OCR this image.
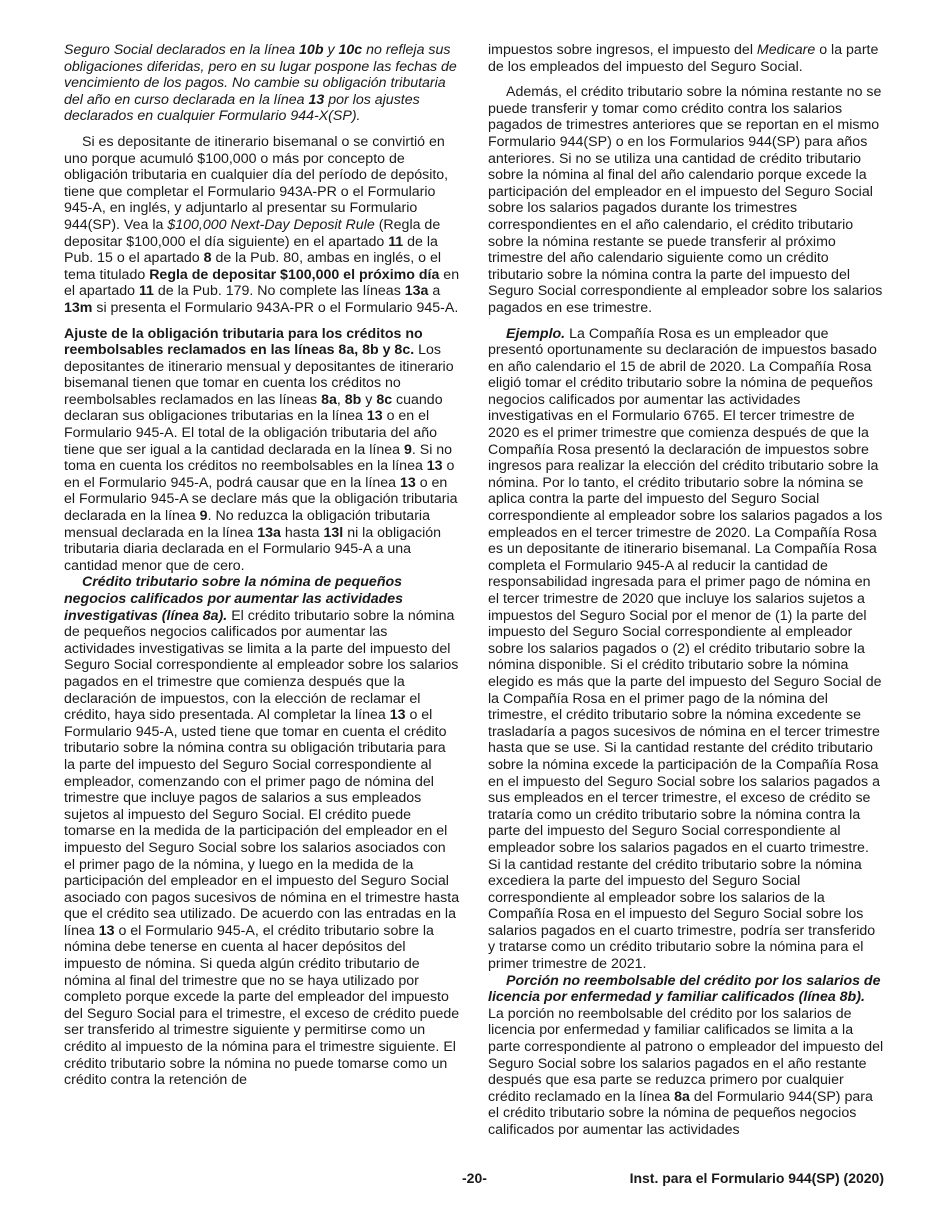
Seguro Social declarados en la línea 10b y 10c no refleja sus obligaciones diferidas, pero en su lugar pospone las fechas de vencimiento de los pagos. No cambie su obligación tributaria del año en curso declarada en la línea 13 por los ajustes declarados en cualquier Formulario 944-X(SP).

Si es depositante de itinerario bisemanal o se convirtió en uno porque acumuló $100,000 o más por concepto de obligación tributaria en cualquier día del período de depósito, tiene que completar el Formulario 943A-PR o el Formulario 945-A, en inglés, y adjuntarlo al presentar su Formulario 944(SP). Vea la $100,000 Next-Day Deposit Rule (Regla de depositar $100,000 el día siguiente) en el apartado 11 de la Pub. 15 o el apartado 8 de la Pub. 80, ambas en inglés, o el tema titulado Regla de depositar $100,000 el próximo día en el apartado 11 de la Pub. 179. No complete las líneas 13a a 13m si presenta el Formulario 943A-PR o el Formulario 945-A.

Ajuste de la obligación tributaria para los créditos no reembolsables reclamados en las líneas 8a, 8b y 8c. Los depositantes de itinerario mensual y depositantes de itinerario bisemanal tienen que tomar en cuenta los créditos no reembolsables reclamados en las líneas 8a, 8b y 8c cuando declaran sus obligaciones tributarias en la línea 13 o en el Formulario 945-A. El total de la obligación tributaria del año tiene que ser igual a la cantidad declarada en la línea 9. Si no toma en cuenta los créditos no reembolsables en la línea 13 o en el Formulario 945-A, podrá causar que en la línea 13 o en el Formulario 945-A se declare más que la obligación tributaria declarada en la línea 9. No reduzca la obligación tributaria mensual declarada en la línea 13a hasta 13l ni la obligación tributaria diaria declarada en el Formulario 945-A a una cantidad menor que de cero.

Crédito tributario sobre la nómina de pequeños negocios calificados por aumentar las actividades investigativas (línea 8a). El crédito tributario sobre la nómina de pequeños negocios calificados por aumentar las actividades investigativas se limita a la parte del impuesto del Seguro Social correspondiente al empleador sobre los salarios pagados en el trimestre que comienza después que la declaración de impuestos, con la elección de reclamar el crédito, haya sido presentada. Al completar la línea 13 o el Formulario 945-A, usted tiene que tomar en cuenta el crédito tributario sobre la nómina contra su obligación tributaria para la parte del impuesto del Seguro Social correspondiente al empleador, comenzando con el primer pago de nómina del trimestre que incluye pagos de salarios a sus empleados sujetos al impuesto del Seguro Social. El crédito puede tomarse en la medida de la participación del empleador en el impuesto del Seguro Social sobre los salarios asociados con el primer pago de la nómina, y luego en la medida de la participación del empleador en el impuesto del Seguro Social asociado con pagos sucesivos de nómina en el trimestre hasta que el crédito sea utilizado. De acuerdo con las entradas en la línea 13 o el Formulario 945-A, el crédito tributario sobre la nómina debe tenerse en cuenta al hacer depósitos del impuesto de nómina. Si queda algún crédito tributario de nómina al final del trimestre que no se haya utilizado por completo porque excede la parte del empleador del impuesto del Seguro Social para el trimestre, el exceso de crédito puede ser transferido al trimestre siguiente y permitirse como un crédito al impuesto de la nómina para el trimestre siguiente. El crédito tributario sobre la nómina no puede tomarse como un crédito contra la retención de

impuestos sobre ingresos, el impuesto del Medicare o la parte de los empleados del impuesto del Seguro Social.

Además, el crédito tributario sobre la nómina restante no se puede transferir y tomar como crédito contra los salarios pagados de trimestres anteriores que se reportan en el mismo Formulario 944(SP) o en los Formularios 944(SP) para años anteriores. Si no se utiliza una cantidad de crédito tributario sobre la nómina al final del año calendario porque excede la participación del empleador en el impuesto del Seguro Social sobre los salarios pagados durante los trimestres correspondientes en el año calendario, el crédito tributario sobre la nómina restante se puede transferir al próximo trimestre del año calendario siguiente como un crédito tributario sobre la nómina contra la parte del impuesto del Seguro Social correspondiente al empleador sobre los salarios pagados en ese trimestre.

Ejemplo. La Compañía Rosa es un empleador que presentó oportunamente su declaración de impuestos basado en año calendario el 15 de abril de 2020. La Compañía Rosa eligió tomar el crédito tributario sobre la nómina de pequeños negocios calificados por aumentar las actividades investigativas en el Formulario 6765. El tercer trimestre de 2020 es el primer trimestre que comienza después de que la Compañía Rosa presentó la declaración de impuestos sobre ingresos para realizar la elección del crédito tributario sobre la nómina. Por lo tanto, el crédito tributario sobre la nómina se aplica contra la parte del impuesto del Seguro Social correspondiente al empleador sobre los salarios pagados a los empleados en el tercer trimestre de 2020. La Compañía Rosa es un depositante de itinerario bisemanal. La Compañía Rosa completa el Formulario 945-A al reducir la cantidad de responsabilidad ingresada para el primer pago de nómina en el tercer trimestre de 2020 que incluye los salarios sujetos a impuestos del Seguro Social por el menor de (1) la parte del impuesto del Seguro Social correspondiente al empleador sobre los salarios pagados o (2) el crédito tributario sobre la nómina disponible. Si el crédito tributario sobre la nómina elegido es más que la parte del impuesto del Seguro Social de la Compañía Rosa en el primer pago de la nómina del trimestre, el crédito tributario sobre la nómina excedente se trasladaría a pagos sucesivos de nómina en el tercer trimestre hasta que se use. Si la cantidad restante del crédito tributario sobre la nómina excede la participación de la Compañía Rosa en el impuesto del Seguro Social sobre los salarios pagados a sus empleados en el tercer trimestre, el exceso de crédito se trataría como un crédito tributario sobre la nómina contra la parte del impuesto del Seguro Social correspondiente al empleador sobre los salarios pagados en el cuarto trimestre. Si la cantidad restante del crédito tributario sobre la nómina excediera la parte del impuesto del Seguro Social correspondiente al empleador sobre los salarios de la Compañía Rosa en el impuesto del Seguro Social sobre los salarios pagados en el cuarto trimestre, podría ser transferido y tratarse como un crédito tributario sobre la nómina para el primer trimestre de 2021.

Porción no reembolsable del crédito por los salarios de licencia por enfermedad y familiar calificados (línea 8b). La porción no reembolsable del crédito por los salarios de licencia por enfermedad y familiar calificados se limita a la parte correspondiente al patrono o empleador del impuesto del Seguro Social sobre los salarios pagados en el año restante después que esa parte se reduzca primero por cualquier crédito reclamado en la línea 8a del Formulario 944(SP) para el crédito tributario sobre la nómina de pequeños negocios calificados por aumentar las actividades

-20-	Inst. para el Formulario 944(SP) (2020)
